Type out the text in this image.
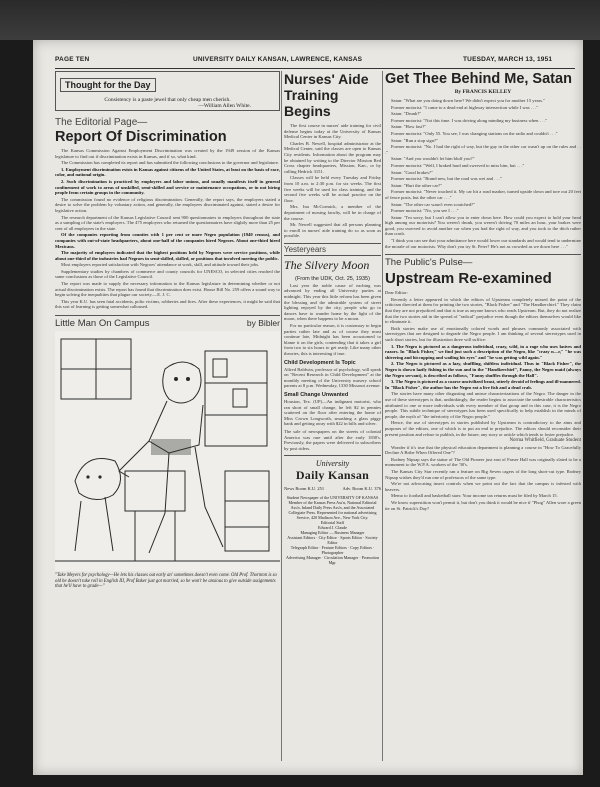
PAGE TEN	UNIVERSITY DAILY KANSAN, LAWRENCE, KANSAS	TUESDAY, MARCH 13, 1951
Thought for the Day
Consistency is a paste jewel that only cheap men cherish.
—William Allen White.
The Editorial Page—
Report Of Discrimination

The Kansas Commission Against Employment Discrimination was created by the 1949 session of the Kansas legislature to find out if discrimination exists in Kansas, and if so, what kind.

The Commission has completed its report and has submitted the following conclusions to the governor and legislature.

1. Employment discrimination exists in Kansas against citizens of the United States, at least on the basis of race, color, and national origin.

2. Such discrimination is practiced by employers and labor unions, and usually manifests itself in general confinement of work to areas of unskilled, semi-skilled and service or maintenance occupations, or in not hiring people from certain groups in the community.

The commission found no evidence of religious discrimination. Generally, the report says, the employers stated a desire to solve the problem by voluntary action, and generally, the employees discriminated against, stated a desire for legislative action.

The research department of the Kansas Legislative Council sent 900 questionnaires to employers throughout the state as a sampling of the state's employers. The 475 employers who returned the questionnaires have slightly more than 25 per cent of all employees in the state.

Of the companies reporting from counties with 1 per cent or more Negro population (1940 census), and companies with out-of-state headquarters, about one-half of the companies hired Negroes. About one-third hired Mexicans.

The majority of employers indicated that the highest positions held by Negroes were service positions, while about one-third of the industries had Negroes in semi-skilled, skilled, or positions that involved meeting the public.

Most employers reported satisfaction with Negroes' attendance at work, skill, and attitude toward their jobs.

Supplementary studies by chambers of commerce and county councils for UNESCO, in selected cities reached the same conclusions as those of the Legislative Council.

The report was made to supply the necessary information to the Kansas legislature in determining whether or not actual discrimination exists. The report has found that discrimination does exist. House Bill No. 259 offers a sound way to begin solving the inequalities that plague our society.—E. J. C.

This year K.U. has seen fatal accidents, polio victims, robberies and fires. After these experiences, it might be said that this sort of learning is getting somewhat calloused.

Little Man On Campus	by Bibler
"Take Meyers for psychology—He lets his classes out early an' sometimes doesn't even come. Old Prof. Thornton is so old he doesn't take roll in English III, Prof Baker just got married, so he won't be anxious to give outside assignments that he'll have to grade—"
Nurses' Aide Training Begins

The first course in nurses' aide training for civil defense begins today at the University of Kansas Medical Center in Kansas City.

Charles B. Newell, hospital administrator at the Medical Center, said the classes are open to Kansas City residents. Information about the program may be obtained by writing to the Director Mission Red Cross chapter headquarters, Mission, Kan., or by calling Hedrick 3151.

Classes will be held every Tuesday and Friday from 10 a.m. to 2:30 p.m. for six weeks. The first five weeks will be used for class training, and the second five weeks will be actual practice on the floor.

Mrs. Ina McCormick, a member of the department of nursing faculty, will be in charge of the course.

Mr. Newell suggested that all persons planning to enroll in nurses' aide training do so as soon as possible.

Yesteryears
The Silvery Moon
(From the UDK, Oct. 25, 1935)

Last year the noble cause of eaching was advanced by ending all University parties at midnight. This year this little reform has been given the blessing and the admirable system of street lighting enjoyed by the city, people who go to dances have to wander home by the light of the moon, when there happens to be a moon.

For no particular reason, it is customary to begin parties rather late and as of course they must continue late, Midnight has been accustomed to blame it on the girls, contending that it takes a girl from two to six hours to get ready. Like many other theories, this is interesting if true.

Child Development Is Topic
Alfred Baldwin, professor of psychology, will speak on "Recent Research in Child Development" at the monthly meeting of the University nursery school parents at 8 p.m. Wednesday, 1330 Missouri avenue.
Small Change Unwanted
Houston, Tex. (UP)—An indignant motorist, who ran short of small change, he left $2 in pennies scattered on the floor after entering the home of Miss Crown Longworth, smashing a glass piggy bank and getting away with $22 in bills and silver.
The sale of newspapers on the streets of colonial America was rare until after the early 1830's. Previously, the papers were delivered to subscribers by post riders.
University
Daily Kansan
News Room K.U. 251	Adv. Room K.U. 376
Student Newspaper of the UNIVERSITY OF KANSAS
Member of the Kansas Press Ass'n, National Editorial Ass'n, Inland Daily Press Ass'n, and the Associated Collegiate Press. Represented for national advertising Service, 420 Madison Ave., New York City.
Editorial Staff
Edward J. Claude
Managing Editor — Business Manager
Assistant Editors · City Editor · Sports Editor · Society Editor
Telegraph Editor · Feature Editors · Copy Editors · Photographer
Advertising Manager · Circulation Manager · Promotion Mgr.
Get Thee Behind Me, Satan
By FRANCIS KELLEY

Satan: "What are you doing down here? We didn't expect you for another 15 years."

Former motorist: "I came to a dead end at highway intersection while I was . . ."

Satan: "Drunk?"

Former motorist: "Not this time. I was driving along minding my business when . . ."

Satan: "How fast?"

Former motorist: "Only 55. You see, I was changing stations on the radio and couldn't . . ."

Satan: "Run a stop sign?"

Former motorist: "No. I had the right of way, but the guy in the other car wasn't up on the rules and . . ."

Satan: "And you wouldn't let him bluff you?"

Former motorist: "Well, I braked hard and swerved to miss him, but . . ."

Satan: "Good brakes?"

Former motorist: "Brand new, but the road was wet and . . ."

Satan: "Hurt the other car?"

Former motorist: "Never touched it. My car hit a road marker, turned upside down and tore out 20 feet of fence posts, but the other car . . ."

Satan: "The other car wasn't even scratched?"

Former motorist: "No, you see I . . ."

Satan: "I'm sorry, but I can't allow you to enter down here. How could you expect to hold your head high among our motorists? You weren't drunk, you weren't driving 70 miles an hour, your brakes were good, you swerved to avoid another car when you had the right of way, and you took to the ditch rather than crash.

"I think you can see that your admittance here would lower our standards and would tend to undermine the morale of our motorists. Why don't you try St. Peter? He's not as crowded as we down here . . ."

The Public's Pulse—
Upstream Re-examined

Dear Editor:

Recently a letter appeared in which the editors of Upstream completely missed the point of the criticism directed at them for printing the two stories, "Black Fisher" and "The Handkerchief." They claim that they are not prejudiced and that is true as anyone knows who reads Upstream. But, they do not realize that the two stories aid in the spread of "radical" prejudice even though the editors themselves would like to eliminate it.

Both stories make use of emotionally colored words and phrases commonly associated with stereotypes that are designed to degrade the Negro people. I am thinking of several stereotypes used in such short stories, but for illustration three will suffice:

1. The Negro is pictured as a dangerous individual, crazy, wild, in a rage who uses knives and razors. In "Black Fisher," we find just such a description of the Negro, like "crazy n—r," "he was shivering and hiccupping and wailing his eyes" and "he was getting wild again."

2. The Negro is pictured as a lazy, shuffling, shiftless individual. Thus in "Black Fisher", the Negro is shown lazily fishing in the sun and in the "Handkerchief", Fanny, the Negro maid (always the Negro servant), is described as follows, "Fanny shuffles through the Hall".

3. The Negro is pictured as a coarse uncivilized beast, utterly devoid of feelings and ill-mannered. In "Black Fisher", the author has the Negro eat a live fish and a dead crab.

The stories have many other disgusting and untrue characterizations of the Negro. The danger in the use of these stereotypes is that, unthinkingly, the reader begins to associate the undesirable characteristics attributed to one or more individuals with every member of that group and in this case, it is the Negro people. This subtle technique of stereotypes has been used specifically to help establish in the minds of people, the myth of "the inferiority of the Negro people."

Hence, the use of stereotypes in stories published by Upstream is contradictory to the aims and purposes of the editors, one of which is to put an end to prejudice. The editors should reconsider their present position and refuse to publish, in the future, any story or article which tends to foster prejudice.

Norma Whitfield, Graduate Student

Wonder if it's true that the physical education department is planning a course in "How To Gracefully Decline A Bribe When Offered One"?

Rodney Nipsap says the statue of The Old Pioneer just east of Fraser Hall was originally slated to be a monument to the W.P.A. workers of the '30's.

The Kansas City Star recently ran a feature on Big Seven cagers of the long short-cut type. Rodney Nipsap wishes they'd run one of professors of the same type.

We're not advocating insect controls when we point out the fact that the campus is infested with beavers.

Memo to football and basketball stars: Your income tax returns must be filed by March 15.

We know superstition won't permit it, but don't you think it would be nice if "Phog" Allen wore a green tie on St. Patrick's Day?
